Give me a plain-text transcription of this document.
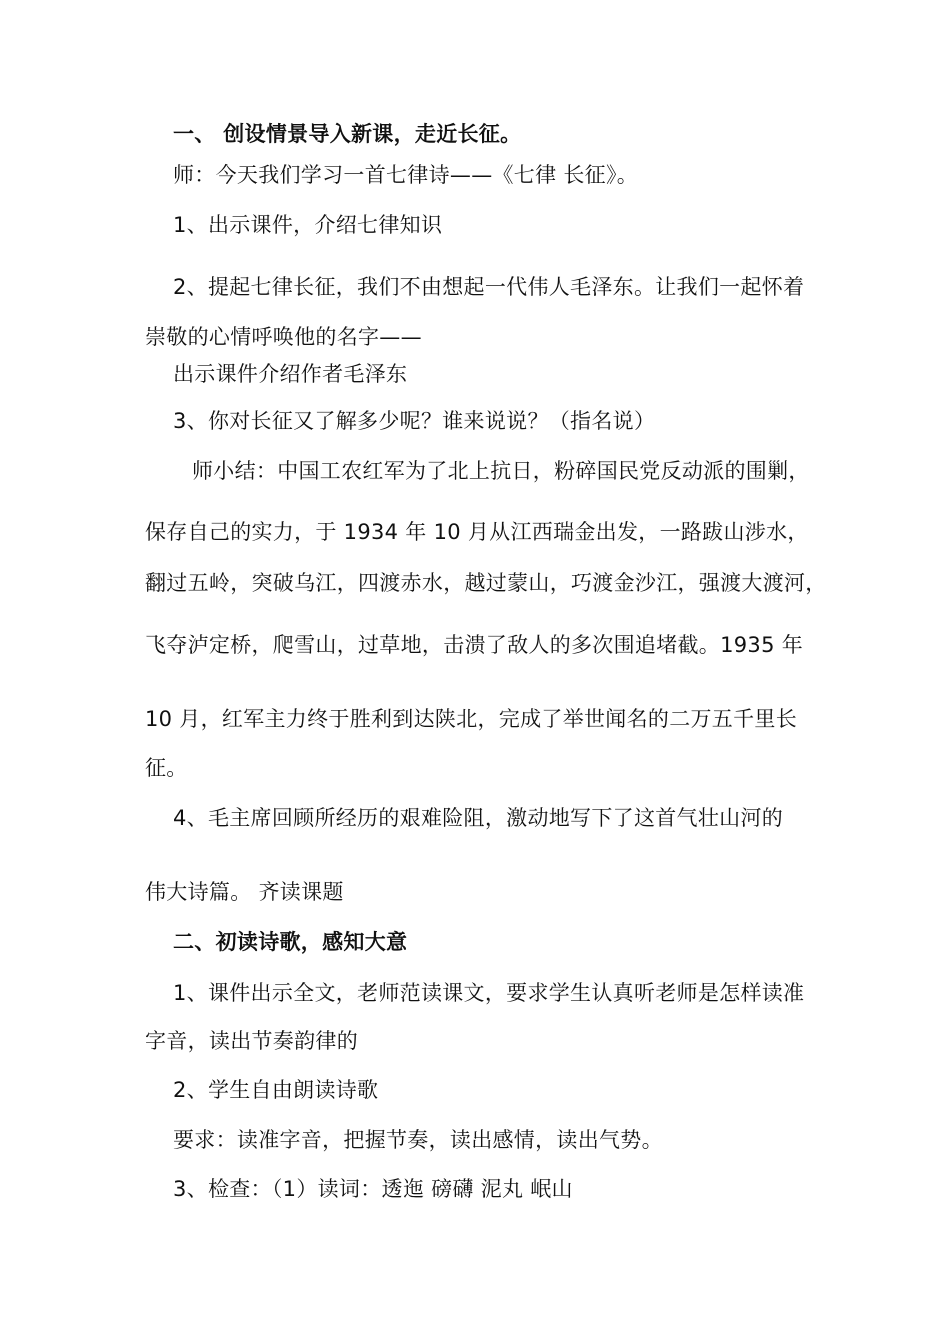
一、 创设情景导入新课，走近长征。
师：今天我们学习一首七律诗——《七律 长征》。
1、出示课件，介绍七律知识
2、提起七律长征，我们不由想起一代伟人毛泽东。让我们一起怀着
崇敬的心情呼唤他的名字——
出示课件介绍作者毛泽东
3、你对长征又了解多少呢？谁来说说？（指名说）
师小结：中国工农红军为了北上抗日，粉碎国民党反动派的围剿，
保存自己的实力，于 1934 年 10 月从江西瑞金出发，一路跋山涉水，
翻过五岭，突破乌江，四渡赤水，越过蒙山，巧渡金沙江，强渡大渡河，
飞夺泸定桥，爬雪山，过草地，击溃了敌人的多次围追堵截。1935 年
10 月，红军主力终于胜利到达陕北，完成了举世闻名的二万五千里长
征。
4、毛主席回顾所经历的艰难险阻，激动地写下了这首气壮山河的
伟大诗篇。 齐读课题
二、初读诗歌，感知大意
1、课件出示全文，老师范读课文，要求学生认真听老师是怎样读准
字音，读出节奏韵律的
2、学生自由朗读诗歌
要求：读准字音，把握节奏，读出感情，读出气势。
3、检查：（1）读词：透迤 磅礴 泥丸 岷山
